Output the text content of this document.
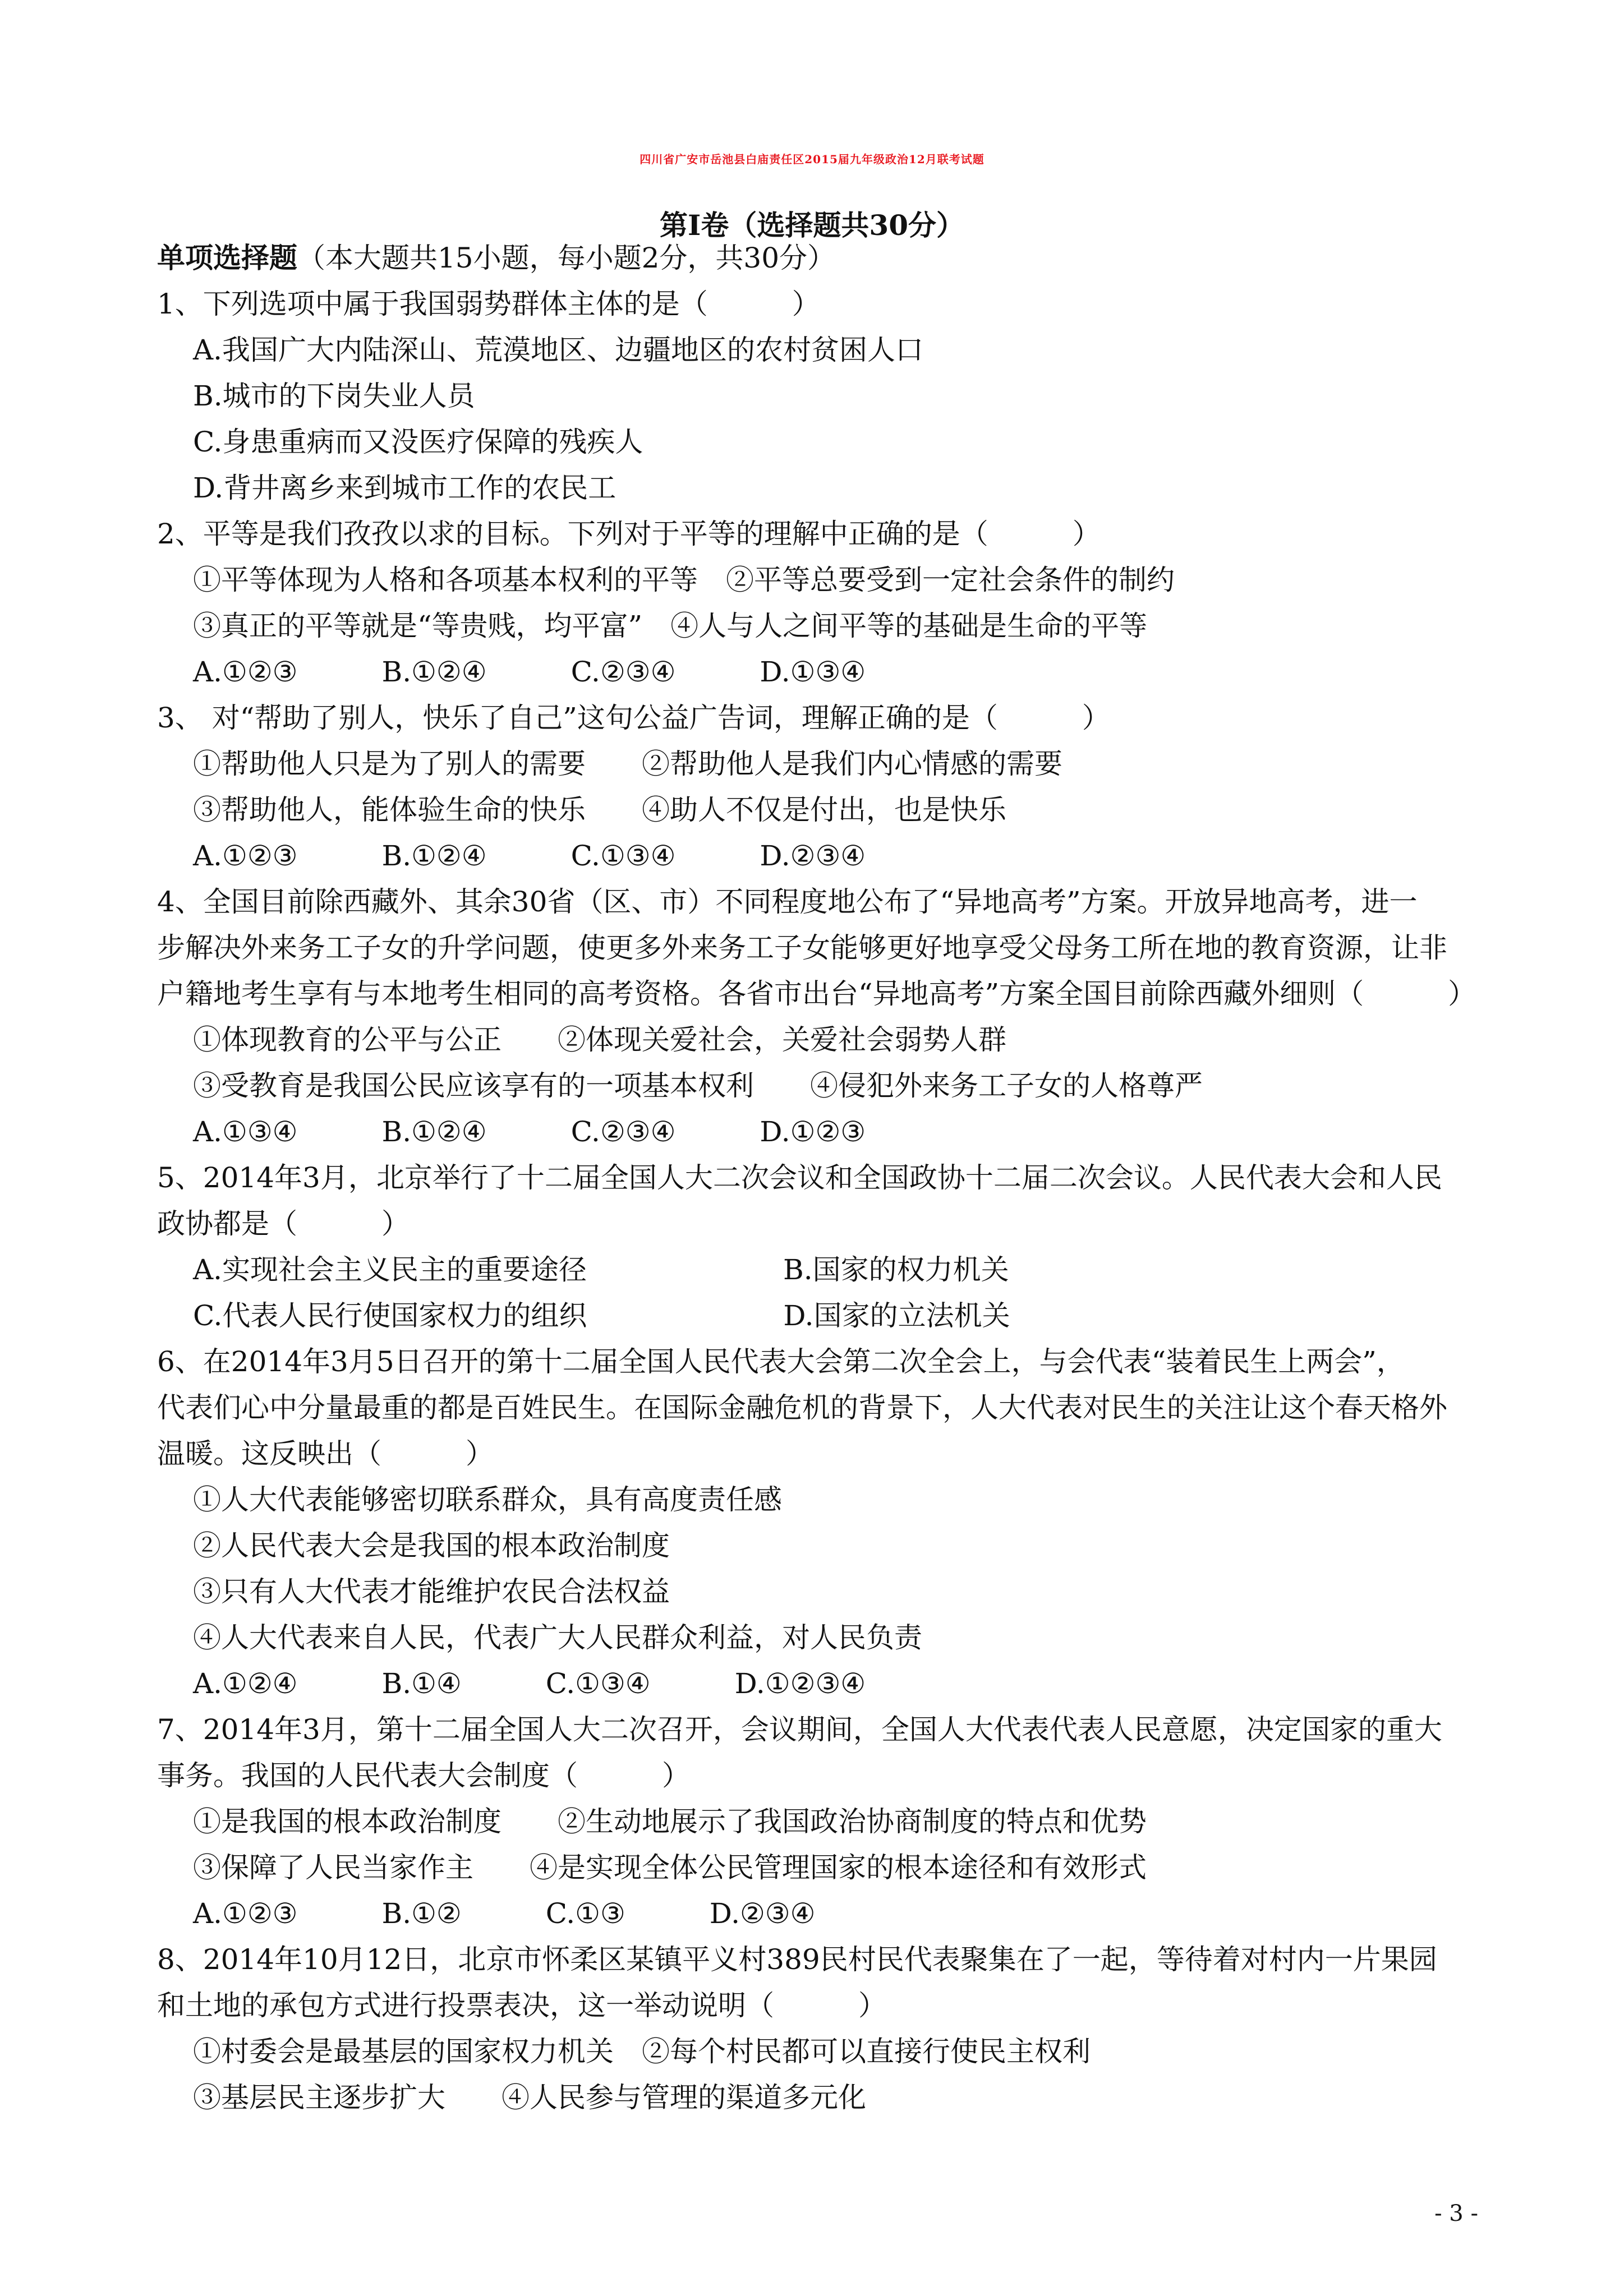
四川省广安市岳池县白庙责任区2015届九年级政治12月联考试题
第Ⅰ卷（选择题共30分）
单项选择题（本大题共15小题，每小题2分，共30分）
1、下列选项中属于我国弱势群体主体的是（　　　）
A.我国广大内陆深山、荒漠地区、边疆地区的农村贫困人口
B.城市的下岗失业人员
C.身患重病而又没医疗保障的残疾人
D.背井离乡来到城市工作的农民工
2、平等是我们孜孜以求的目标。下列对于平等的理解中正确的是（　　　）
①平等体现为人格和各项基本权利的平等　②平等总要受到一定社会条件的制约
③真正的平等就是“等贵贱，均平富”　④人与人之间平等的基础是生命的平等
A.①②③　　　B.①②④　　　C.②③④　　　D.①③④
3、 对“帮助了别人，快乐了自己”这句公益广告词，理解正确的是（　　　）
①帮助他人只是为了别人的需要　　②帮助他人是我们内心情感的需要
③帮助他人，能体验生命的快乐　　④助人不仅是付出，也是快乐
A.①②③　　　B.①②④　　　C.①③④　　　D.②③④
4、全国目前除西藏外、其余30省（区、市）不同程度地公布了“异地高考”方案。开放异地高考，进一
步解决外来务工子女的升学问题，使更多外来务工子女能够更好地享受父母务工所在地的教育资源，让非
户籍地考生享有与本地考生相同的高考资格。各省市出台“异地高考”方案全国目前除西藏外细则（　　　）
①体现教育的公平与公正　　②体现关爱社会，关爱社会弱势人群
③受教育是我国公民应该享有的一项基本权利　　④侵犯外来务工子女的人格尊严
A.①③④　　　B.①②④　　　C.②③④　　　D.①②③
5、2014年3月，北京举行了十二届全国人大二次会议和全国政协十二届二次会议。人民代表大会和人民
政协都是（　　　）
A.实现社会主义民主的重要途径　　　　　　　B.国家的权力机关
C.代表人民行使国家权力的组织　　　　　　　D.国家的立法机关
6、在2014年3月5日召开的第十二届全国人民代表大会第二次全会上，与会代表“装着民生上两会”，
代表们心中分量最重的都是百姓民生。在国际金融危机的背景下，人大代表对民生的关注让这个春天格外
温暖。这反映出（　　　）
①人大代表能够密切联系群众，具有高度责任感
②人民代表大会是我国的根本政治制度
③只有人大代表才能维护农民合法权益
④人大代表来自人民，代表广大人民群众利益，对人民负责
A.①②④　　　B.①④　　　C.①③④　　　D.①②③④
7、2014年3月，第十二届全国人大二次召开，会议期间，全国人大代表代表人民意愿，决定国家的重大
事务。我国的人民代表大会制度（　　　）
①是我国的根本政治制度　　②生动地展示了我国政治协商制度的特点和优势
③保障了人民当家作主　　④是实现全体公民管理国家的根本途径和有效形式
A.①②③　　　B.①②　　　C.①③　　　D.②③④
8、2014年10月12日，北京市怀柔区某镇平义村389民村民代表聚集在了一起，等待着对村内一片果园
和土地的承包方式进行投票表决，这一举动说明（　　　）
①村委会是最基层的国家权力机关　②每个村民都可以直接行使民主权利
③基层民主逐步扩大　　④人民参与管理的渠道多元化
- 3 -
